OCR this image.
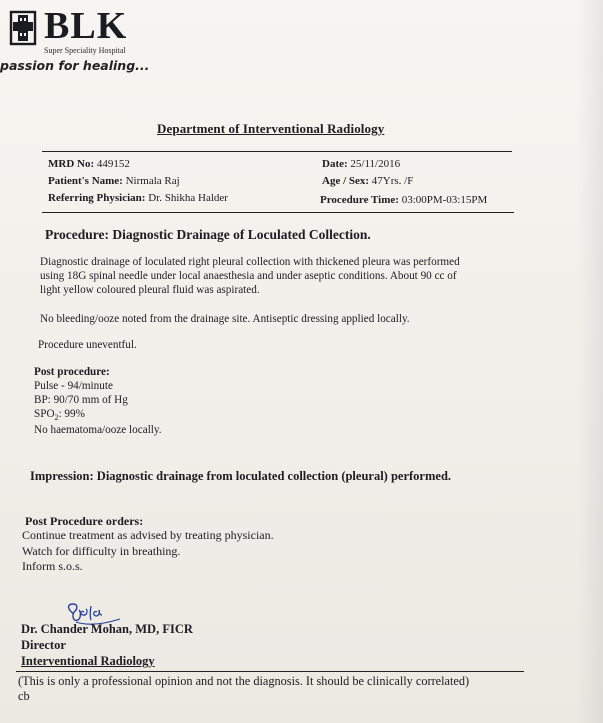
BLK
Super Speciality Hospital
passion for healing...
Department of Interventional Radiology
MRD No: 449152	Date: 25/11/2016
Patient's Name: Nirmala Raj	Age / Sex: 47Yrs. /F
Referring Physician: Dr. Shikha Halder	Procedure Time: 03:00PM-03:15PM
Procedure: Diagnostic Drainage of Loculated Collection.
Diagnostic drainage of loculated right pleural collection with thickened pleura was performed
using 18G spinal needle under local anaesthesia and under aseptic conditions. About 90 cc of
light yellow coloured pleural fluid was aspirated.
No bleeding/ooze noted from the drainage site. Antiseptic dressing applied locally.
Procedure uneventful.
Post procedure:
Pulse - 94/minute
BP: 90/70 mm of Hg
$SPO_2$: 99%
No haematoma/ooze locally.
Impression: Diagnostic drainage from loculated collection (pleural) performed.
Post Procedure orders:
Continue treatment as advised by treating physician.
Watch for difficulty in breathing.
Inform s.o.s.
Dr. Chander Mohan, MD, FICR
Director
Interventional Radiology
(This is only a professional opinion and not the diagnosis. It should be clinically correlated)
cb
